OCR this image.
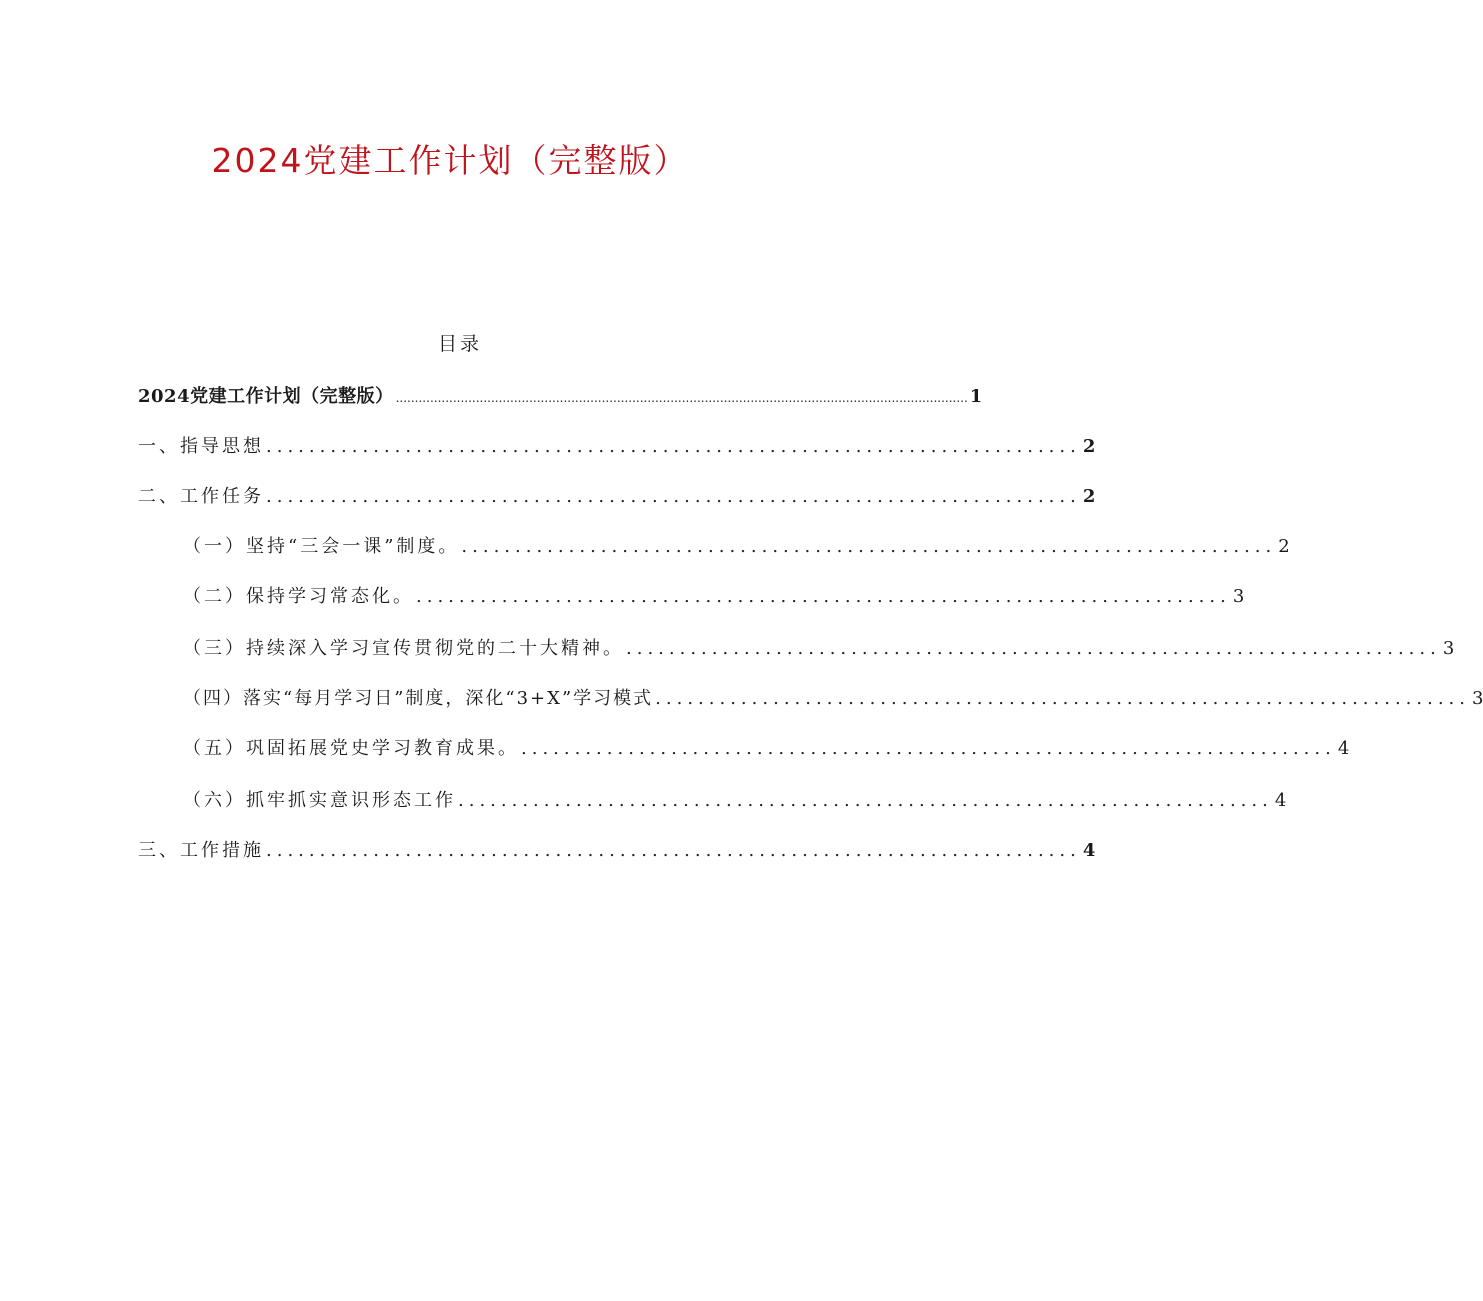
2024党建工作计划（完整版）
目录
2024党建工作计划（完整版） ...................................................................................................................................................... 1
一、指导思想 ............................................................................ 2
二、工作任务 ............................................................................ 2
（一）坚持“三会一课”制度。 ............................................................................ 2
（二）保持学习常态化。 ............................................................................ 3
（三）持续深入学习宣传贯彻党的二十大精神。 ............................................................................ 3
（四）落实“每月学习日”制度，深化“3+X”学习模式 ............................................................................ 3
（五）巩固拓展党史学习教育成果。 ............................................................................ 4
（六）抓牢抓实意识形态工作 ............................................................................ 4
三、工作措施 ............................................................................ 4
